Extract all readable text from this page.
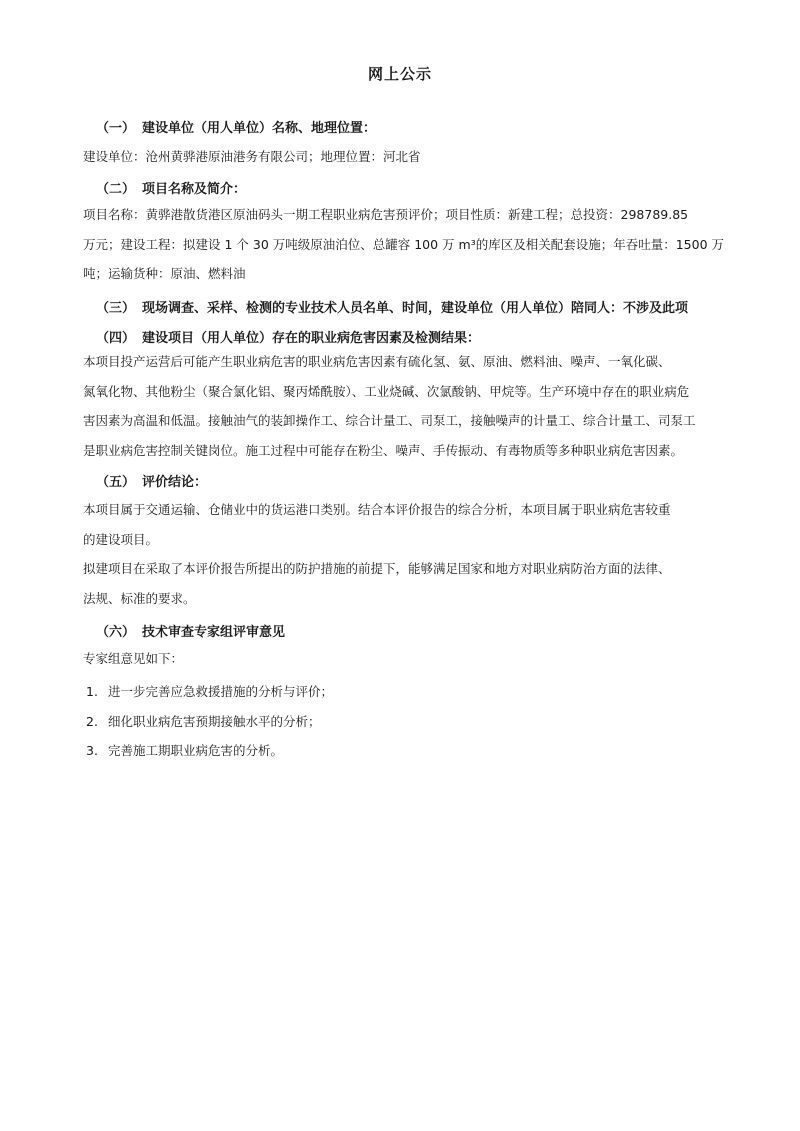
网上公示
（一） 建设单位（用人单位）名称、地理位置：
建设单位：沧州黄骅港原油港务有限公司；地理位置：河北省
（二） 项目名称及简介：
项目名称：黄骅港散货港区原油码头一期工程职业病危害预评价；项目性质：新建工程；总投资：298789.85
万元；建设工程：拟建设 1 个 30 万吨级原油泊位、总罐容 100 万 m³的库区及相关配套设施；年吞吐量：1500 万
吨；运输货种：原油、燃料油
（三） 现场调查、采样、检测的专业技术人员名单、时间，建设单位（用人单位）陪同人：不涉及此项
（四） 建设项目（用人单位）存在的职业病危害因素及检测结果：
本项目投产运营后可能产生职业病危害的职业病危害因素有硫化氢、氨、原油、燃料油、噪声、一氧化碳、
氮氧化物、其他粉尘（聚合氯化铝、聚丙烯酰胺）、工业烧碱、次氯酸钠、甲烷等。生产环境中存在的职业病危
害因素为高温和低温。接触油气的装卸操作工、综合计量工、司泵工，接触噪声的计量工、综合计量工、司泵工
是职业病危害控制关键岗位。施工过程中可能存在粉尘、噪声、手传振动、有毒物质等多种职业病危害因素。
（五） 评价结论：
本项目属于交通运输、仓储业中的货运港口类别。结合本评价报告的综合分析，本项目属于职业病危害较重
的建设项目。
拟建项目在采取了本评价报告所提出的防护措施的前提下，能够满足国家和地方对职业病防治方面的法律、
法规、标准的要求。
（六） 技术审查专家组评审意见
专家组意见如下：
1. 进一步完善应急救援措施的分析与评价；
2. 细化职业病危害预期接触水平的分析；
3. 完善施工期职业病危害的分析。
